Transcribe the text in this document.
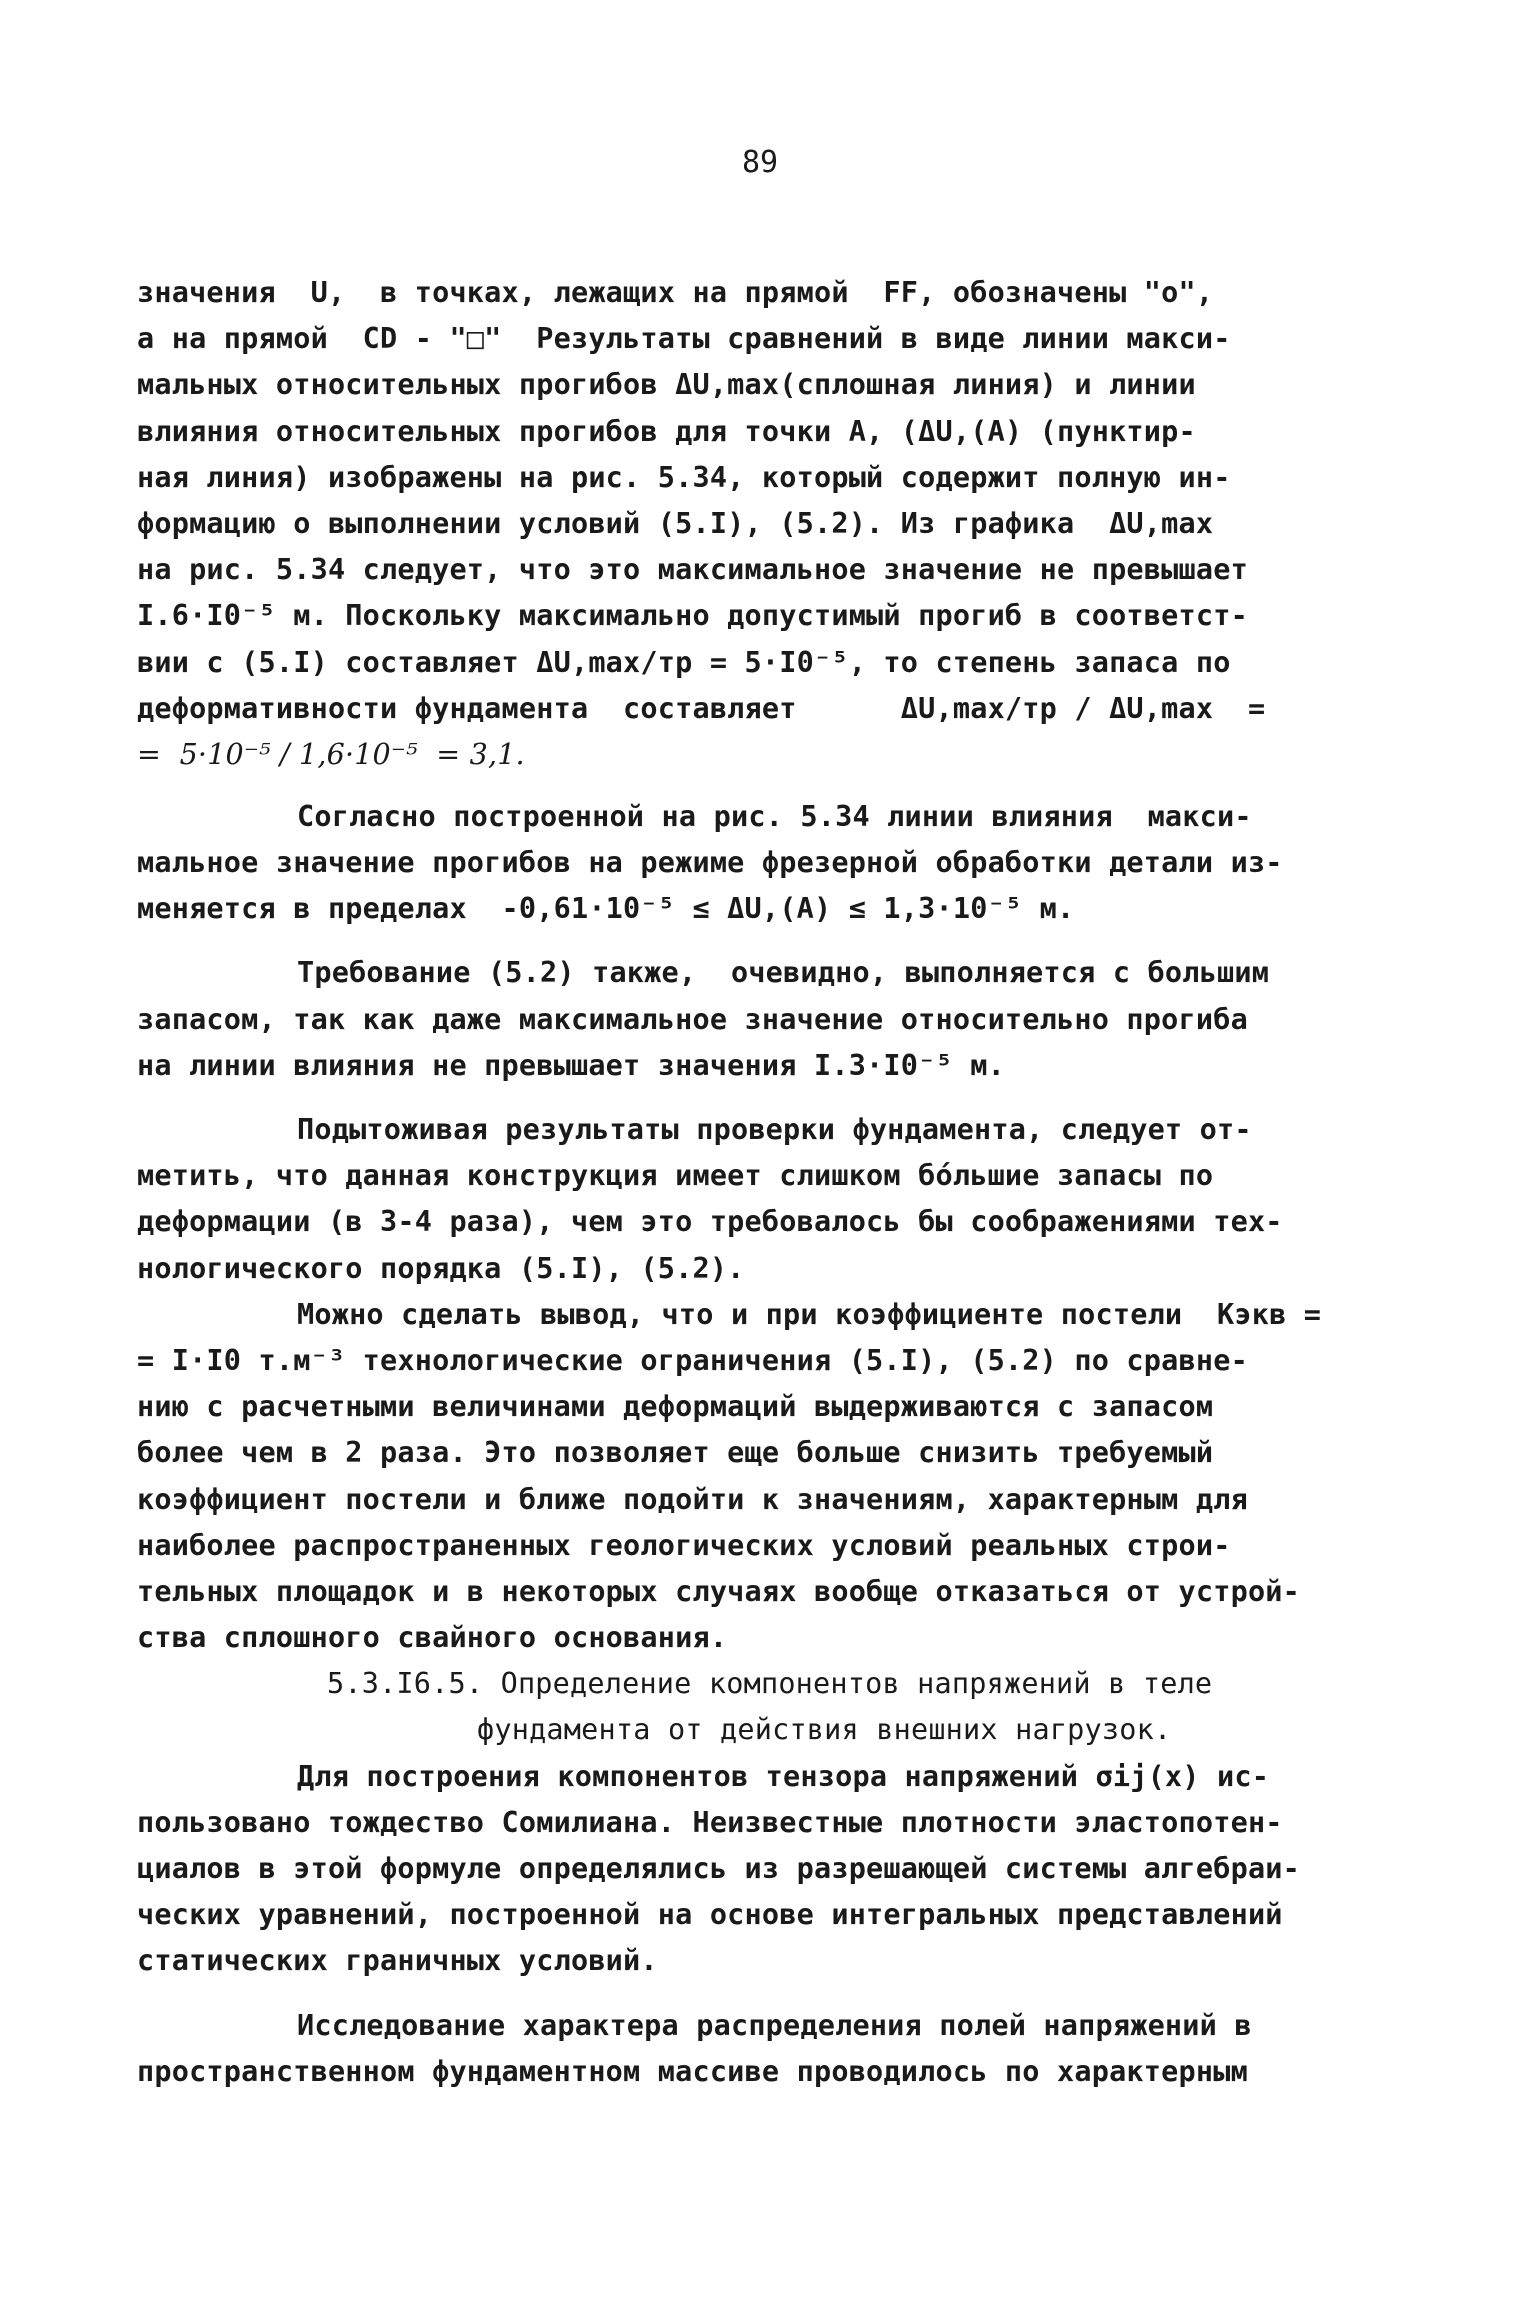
89
значения  U,  в точках, лежащих на прямой  FF, обозначены "о",
а на прямой  CD - "□"  Результаты сравнений в виде линии макси-
мальных относительных прогибов ΔU,max(сплошная линия) и линии
влияния относительных прогибов для точки A, (ΔU,(A) (пунктир-
ная линия) изображены на рис. 5.34, который содержит полную ин-
формацию о выполнении условий (5.I), (5.2). Из графика  ΔU,max
на рис. 5.34 следует, что это максимальное значение не превышает
I.6·I0⁻⁵ м. Поскольку максимально допустимый прогиб в соответст-
вии с (5.I) составляет ΔU,max/тр = 5·I0⁻⁵, то степень запаса по
деформативности фундамента  составляет      ΔU,max/тр / ΔU,max  =
=  5·10⁻⁵ / 1,6·10⁻⁵  = 3,1.
Согласно построенной на рис. 5.34 линии влияния  макси-
мальное значение прогибов на режиме фрезерной обработки детали из-
меняется в пределах  -0,61·10⁻⁵ ≤ ΔU,(A) ≤ 1,3·10⁻⁵ м.
Требование (5.2) также,  очевидно, выполняется с большим
запасом, так как даже максимальное значение относительно прогиба
на линии влияния не превышает значения I.3·I0⁻⁵ м.
Подытоживая результаты проверки фундамента, следует от-
метить, что данная конструкция имеет слишком бóльшие запасы по
деформации (в 3-4 раза), чем это требовалось бы соображениями тех-
нологического порядка (5.I), (5.2).
Можно сделать вывод, что и при коэффициенте постели  Kэкв =
= I·I0 т.м⁻³ технологические ограничения (5.I), (5.2) по сравне-
нию с расчетными величинами деформаций выдерживаются с запасом
более чем в 2 раза. Это позволяет еще больше снизить требуемый
коэффициент постели и ближе подойти к значениям, характерным для
наиболее распространенных геологических условий реальных строи-
тельных площадок и в некоторых случаях вообще отказаться от устрой-
ства сплошного свайного основания.
5.3.I6.5. Определение компонентов напряжений в теле
фундамента от действия внешних нагрузок.
Для построения компонентов тензора напряжений σij(x) ис-
пользовано тождество Сомилиана. Неизвестные плотности эластопотен-
циалов в этой формуле определялись из разрешающей системы алгебраи-
ческих уравнений, построенной на основе интегральных представлений
статических граничных условий.
Исследование характера распределения полей напряжений в
пространственном фундаментном массиве проводилось по характерным
